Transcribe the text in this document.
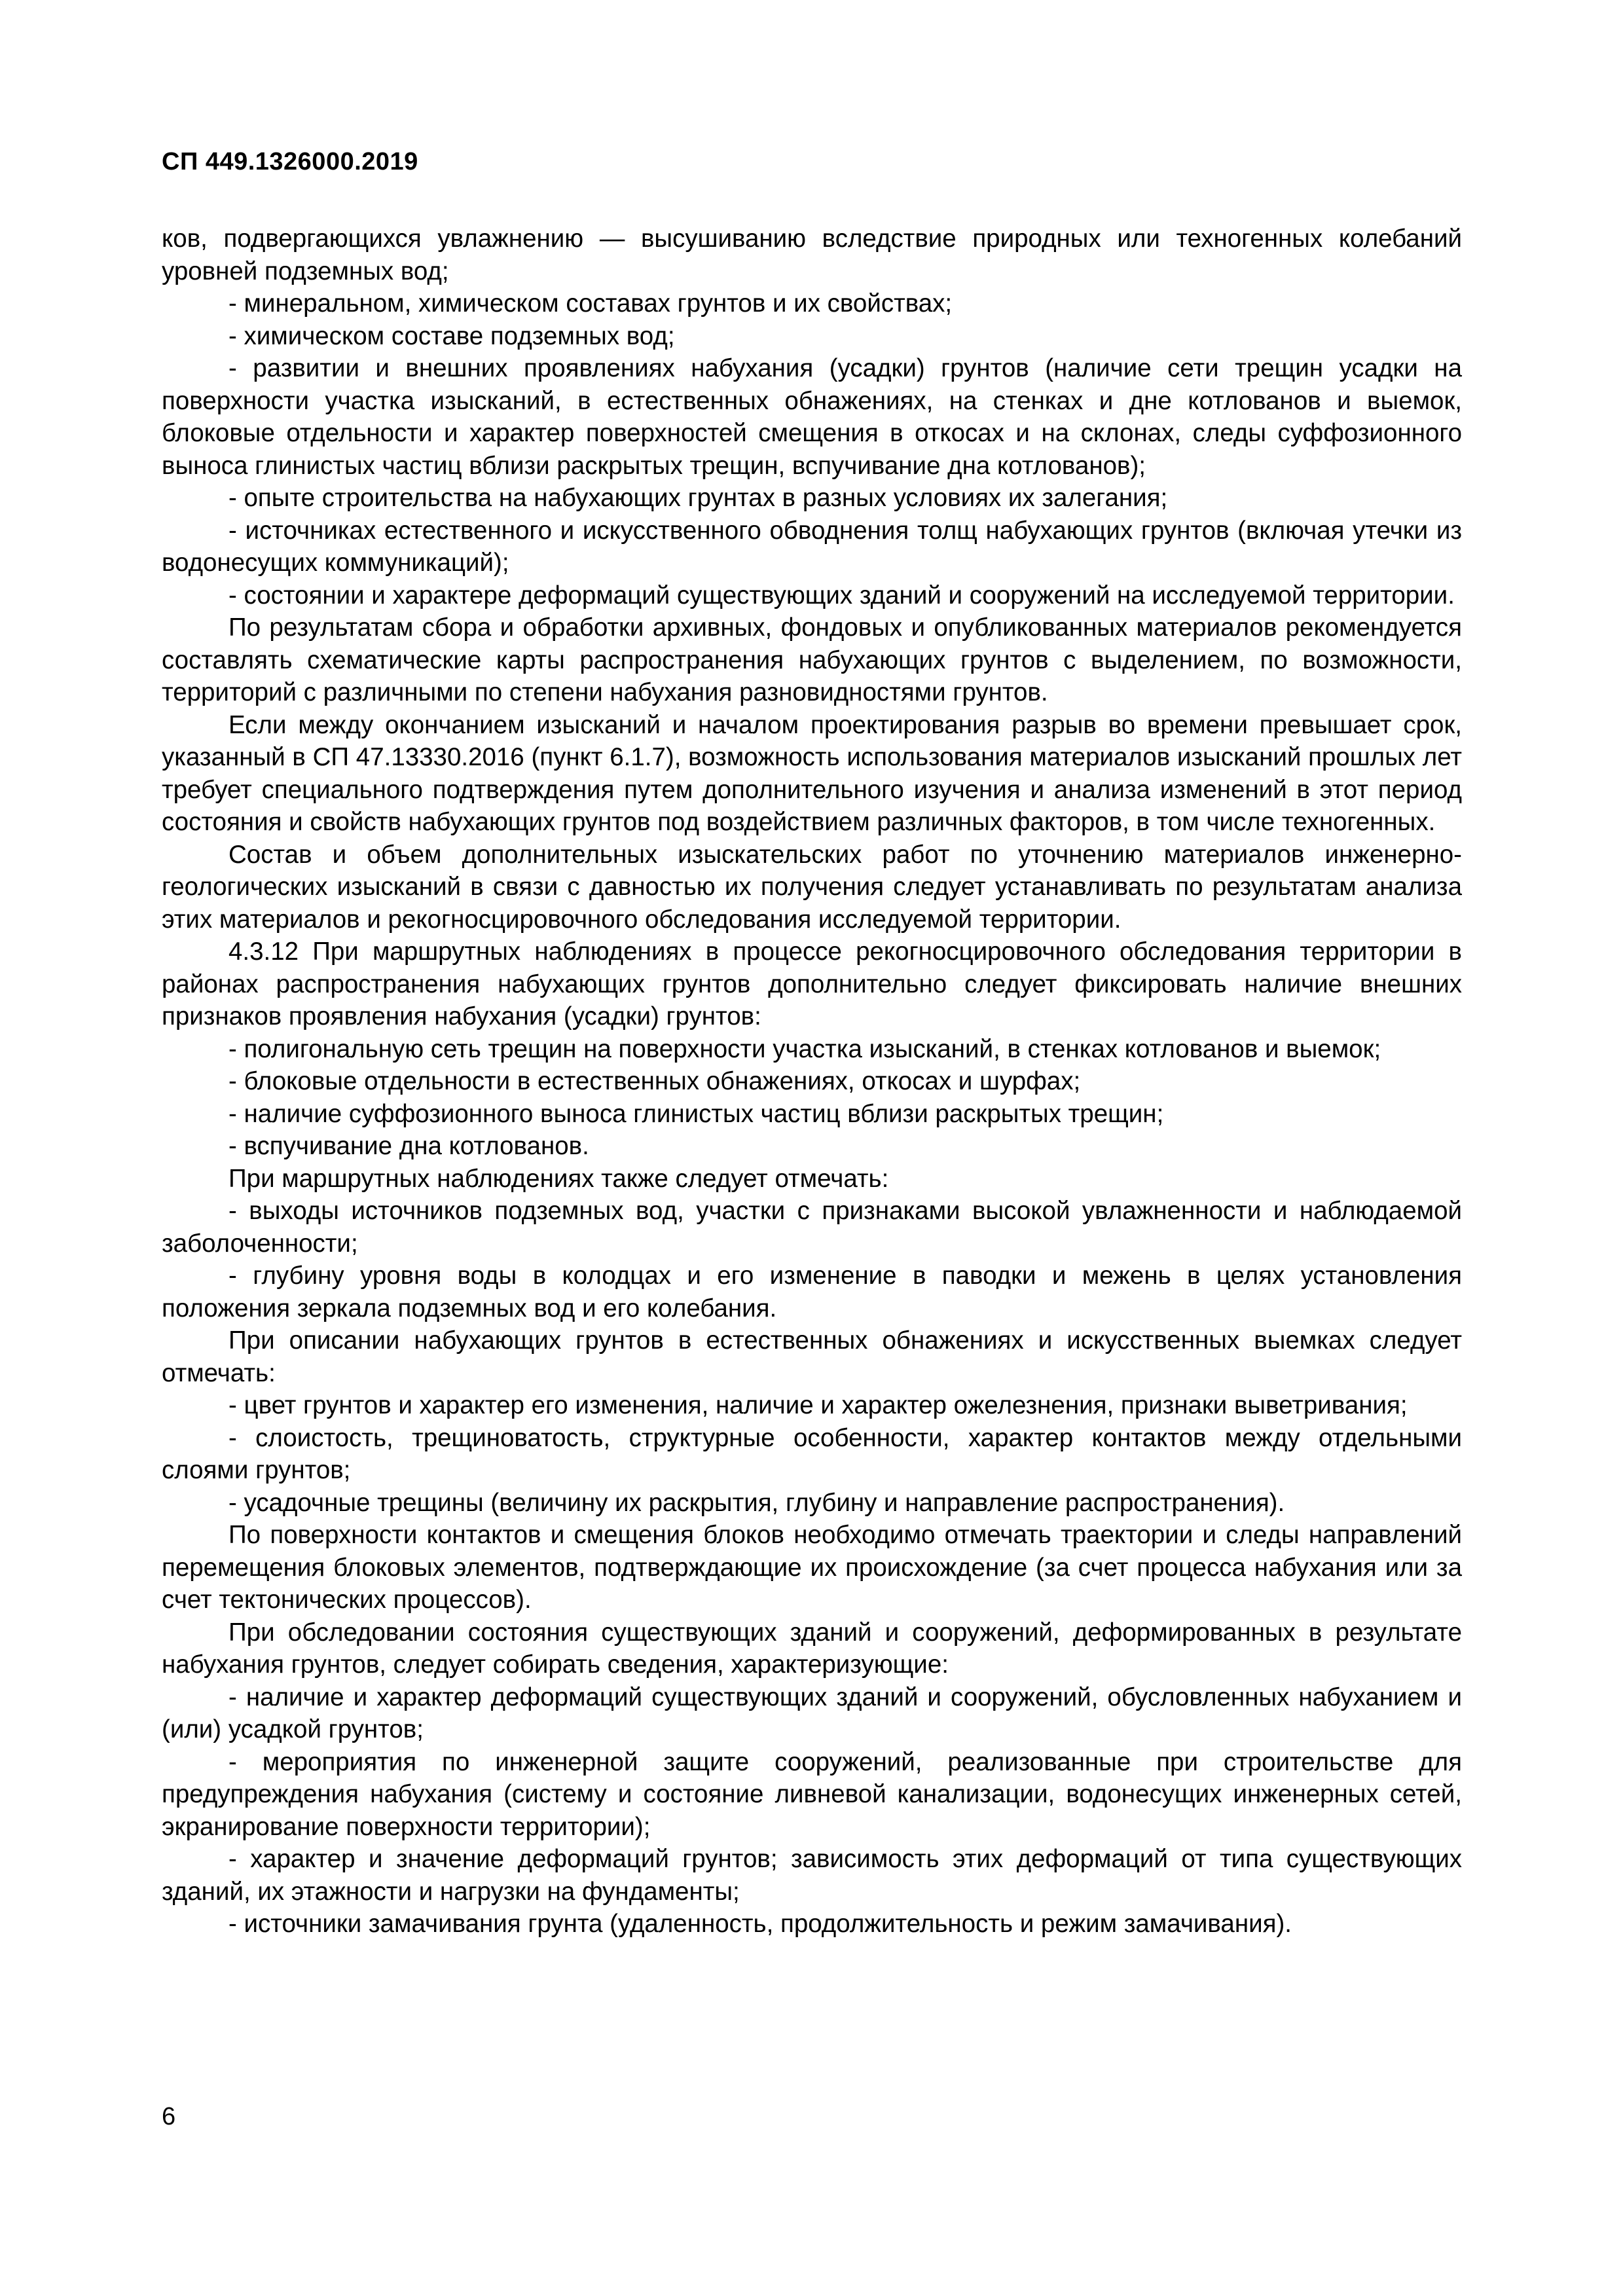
СП 449.1326000.2019

ков, подвергающихся увлажнению — высушиванию вследствие природных или техногенных колебаний уровней подземных вод;

- минеральном, химическом составах грунтов и их свойствах;

- химическом составе подземных вод;

- развитии и внешних проявлениях набухания (усадки) грунтов (наличие сети трещин усадки на поверхности участка изысканий, в естественных обнажениях, на стенках и дне котлованов и выемок, блоковые отдельности и характер поверхностей смещения в откосах и на склонах, следы суффозионного выноса глинистых частиц вблизи раскрытых трещин, вспучивание дна котлованов);

- опыте строительства на набухающих грунтах в разных условиях их залегания;

- источниках естественного и искусственного обводнения толщ набухающих грунтов (включая утечки из водонесущих коммуникаций);

- состоянии и характере деформаций существующих зданий и сооружений на исследуемой территории.

По результатам сбора и обработки архивных, фондовых и опубликованных материалов рекомендуется составлять схематические карты распространения набухающих грунтов с выделением, по возможности, территорий с различными по степени набухания разновидностями грунтов.

Если между окончанием изысканий и началом проектирования разрыв во времени превышает срок, указанный в СП 47.13330.2016 (пункт 6.1.7), возможность использования материалов изысканий прошлых лет требует специального подтверждения путем дополнительного изучения и анализа изменений в этот период состояния и свойств набухающих грунтов под воздействием различных факторов, в том числе техногенных.

Состав и объем дополнительных изыскательских работ по уточнению материалов инженерно-геологических изысканий в связи с давностью их получения следует устанавливать по результатам анализа этих материалов и рекогносцировочного обследования исследуемой территории.

4.3.12 При маршрутных наблюдениях в процессе рекогносцировочного обследования территории в районах распространения набухающих грунтов дополнительно следует фиксировать наличие внешних признаков проявления набухания (усадки) грунтов:

- полигональную сеть трещин на поверхности участка изысканий, в стенках котлованов и выемок;

- блоковые отдельности в естественных обнажениях, откосах и шурфах;

- наличие суффозионного выноса глинистых частиц вблизи раскрытых трещин;

- вспучивание дна котлованов.

При маршрутных наблюдениях также следует отмечать:

- выходы источников подземных вод, участки с признаками высокой увлажненности и наблюдаемой заболоченности;

- глубину уровня воды в колодцах и его изменение в паводки и межень в целях установления положения зеркала подземных вод и его колебания.

При описании набухающих грунтов в естественных обнажениях и искусственных выемках следует отмечать:

- цвет грунтов и характер его изменения, наличие и характер ожелезнения, признаки выветривания;

- слоистость, трещиноватость, структурные особенности, характер контактов между отдельными слоями грунтов;

- усадочные трещины (величину их раскрытия, глубину и направление распространения).

По поверхности контактов и смещения блоков необходимо отмечать траектории и следы направлений перемещения блоковых элементов, подтверждающие их происхождение (за счет процесса набухания или за счет тектонических процессов).

При обследовании состояния существующих зданий и сооружений, деформированных в результате набухания грунтов, следует собирать сведения, характеризующие:

- наличие и характер деформаций существующих зданий и сооружений, обусловленных набуханием и (или) усадкой грунтов;

- мероприятия по инженерной защите сооружений, реализованные при строительстве для предупреждения набухания (систему и состояние ливневой канализации, водонесущих инженерных сетей, экранирование поверхности территории);

- характер и значение деформаций грунтов; зависимость этих деформаций от типа существующих зданий, их этажности и нагрузки на фундаменты;

- источники замачивания грунта (удаленность, продолжительность и режим замачивания).

6
